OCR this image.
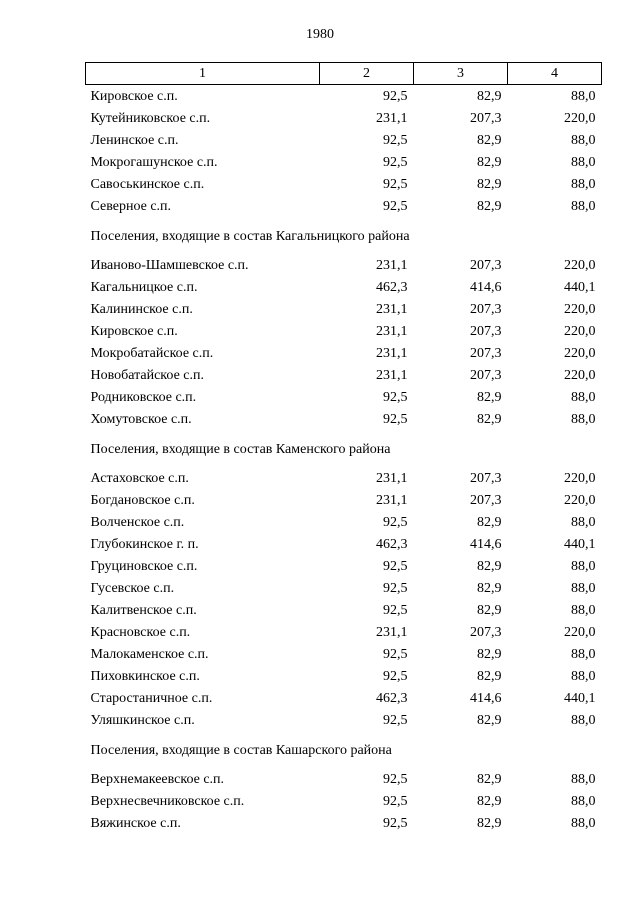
1980
1	2	3	4
Кировское с.п.	92,5	82,9	88,0
Кутейниковское с.п.	231,1	207,3	220,0
Ленинское с.п.	92,5	82,9	88,0
Мокрогашунское с.п.	92,5	82,9	88,0
Савоськинское с.п.	92,5	82,9	88,0
Северное с.п.	92,5	82,9	88,0
Поселения, входящие в состав Кагальницкого района			
Иваново-Шамшевское с.п.	231,1	207,3	220,0
Кагальницкое с.п.	462,3	414,6	440,1
Калининское с.п.	231,1	207,3	220,0
Кировское с.п.	231,1	207,3	220,0
Мокробатайское с.п.	231,1	207,3	220,0
Новобатайское с.п.	231,1	207,3	220,0
Родниковское с.п.	92,5	82,9	88,0
Хомутовское с.п.	92,5	82,9	88,0
Поселения, входящие в состав Каменского района			
Астаховское с.п.	231,1	207,3	220,0
Богдановское с.п.	231,1	207,3	220,0
Волченское с.п.	92,5	82,9	88,0
Глубокинское г. п.	462,3	414,6	440,1
Груциновское с.п.	92,5	82,9	88,0
Гусевское с.п.	92,5	82,9	88,0
Калитвенское с.п.	92,5	82,9	88,0
Красновское с.п.	231,1	207,3	220,0
Малокаменское с.п.	92,5	82,9	88,0
Пиховкинское с.п.	92,5	82,9	88,0
Старостаничное с.п.	462,3	414,6	440,1
Уляшкинское с.п.	92,5	82,9	88,0
Поселения, входящие в состав Кашарского района			
Верхнемакеевское с.п.	92,5	82,9	88,0
Верхнесвечниковское с.п.	92,5	82,9	88,0
Вяжинское с.п.	92,5	82,9	88,0
